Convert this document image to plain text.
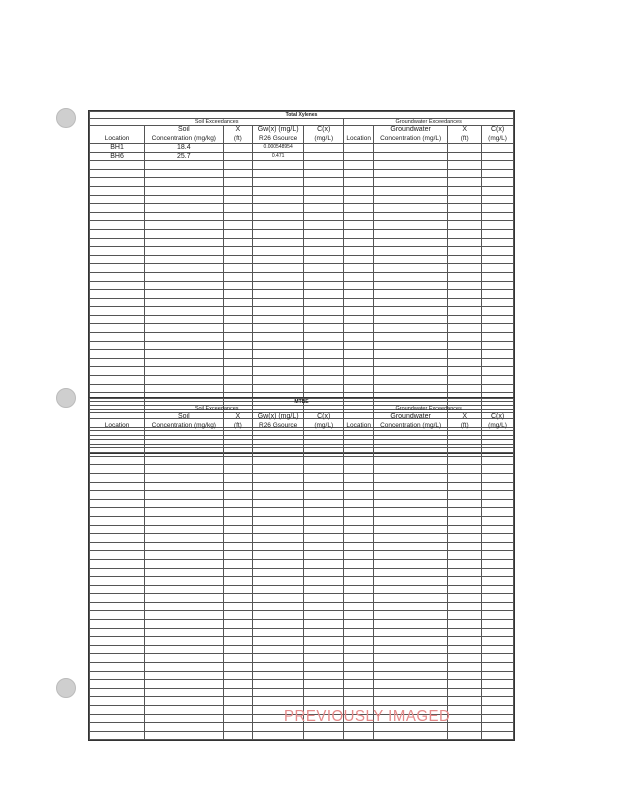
Total Xylenes								
Soil Exceedances					Groundwater Exceedances			
	Soil	X	Gw(x) (mg/L)	C(x)		Groundwater	X	C(x)
Location	Concentration (mg/kg)	(ft)	R26 Gsource	(mg/L)	Location	Concentration (mg/L)	(ft)	(mg/L)
BH1	18.4		0.000548954					
BH6	25.7		0.471					

MTBE								
Soil Exceedances					Groundwater Exceedances			
	Soil	X	Gw(x) (mg/L)	C(x)		Groundwater	X	C(x)
Location	Concentration (mg/kg)	(ft)	R26 Gsource	(mg/L)	Location	Concentration (mg/L)	(ft)	(mg/L)

PREVIOUSLY IMAGED
